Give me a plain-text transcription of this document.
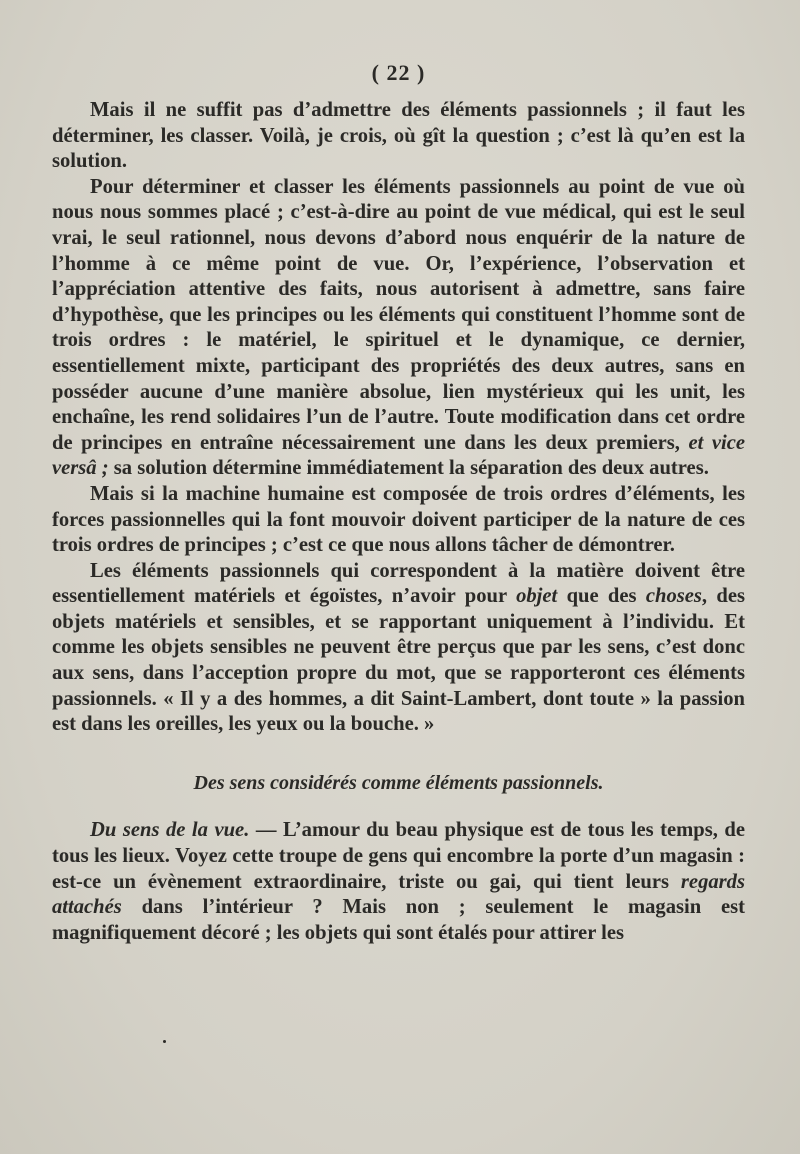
( 22 )

Mais il ne suffit pas d’admettre des éléments passionnels ; il faut les déterminer, les classer. Voilà, je crois, où gît la question ; c’est là qu’en est la solution.

Pour déterminer et classer les éléments passionnels au point de vue où nous nous sommes placé ; c’est-à-dire au point de vue médical, qui est le seul vrai, le seul rationnel, nous devons d’abord nous enquérir de la nature de l’homme à ce même point de vue. Or, l’expérience, l’observation et l’appréciation attentive des faits, nous autorisent à admettre, sans faire d’hypothèse, que les principes ou les éléments qui constituent l’homme sont de trois ordres : le matériel, le spirituel et le dynamique, ce dernier, essentiellement mixte, participant des propriétés des deux autres, sans en posséder aucune d’une manière absolue, lien mystérieux qui les unit, les enchaîne, les rend solidaires l’un de l’autre. Toute modification dans cet ordre de principes en entraîne nécessairement une dans les deux premiers, et vice versâ ; sa solution détermine immédiatement la séparation des deux autres.

Mais si la machine humaine est composée de trois ordres d’éléments, les forces passionnelles qui la font mouvoir doivent participer de la nature de ces trois ordres de principes ; c’est ce que nous allons tâcher de démontrer.

Les éléments passionnels qui correspondent à la matière doivent être essentiellement matériels et égoïstes, n’avoir pour objet que des choses, des objets matériels et sensibles, et se rapportant uniquement à l’individu. Et comme les objets sensibles ne peuvent être perçus que par les sens, c’est donc aux sens, dans l’acception propre du mot, que se rapporteront ces éléments passionnels. « Il y a des hommes, a dit Saint-Lambert, dont toute » la passion est dans les oreilles, les yeux ou la bouche. »

Des sens considérés comme éléments passionnels.

Du sens de la vue. — L’amour du beau physique est de tous les temps, de tous les lieux. Voyez cette troupe de gens qui encombre la porte d’un magasin : est-ce un évènement extraordinaire, triste ou gai, qui tient leurs regards attachés dans l’intérieur ? Mais non ; seulement le magasin est magnifiquement décoré ; les objets qui sont étalés pour attirer les
